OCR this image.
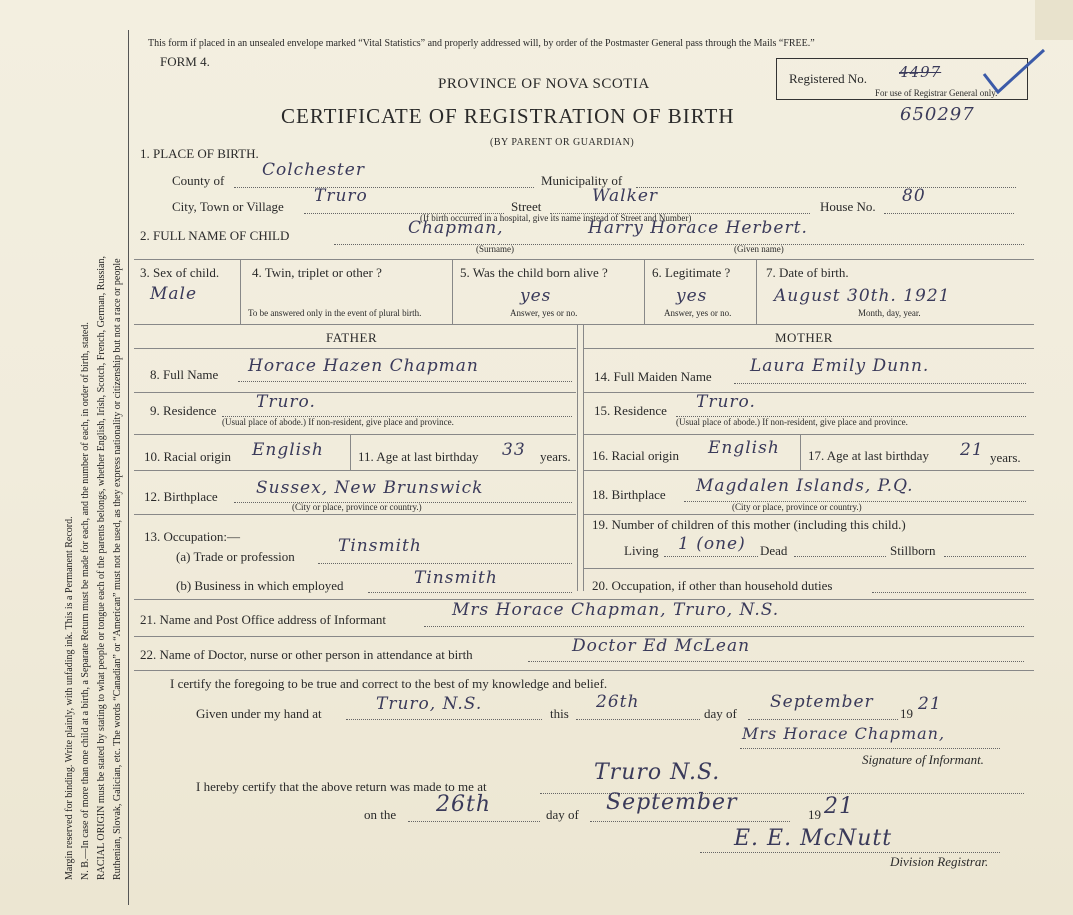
Margin reserved for binding. Write plainly, with unfading ink. This is a Permanent Record. N. B.—In case of more than one child at a birth, a Separate Return must be made for each, and the number of each, in order of birth, stated. RACIAL ORIGIN must be stated by stating to what people or tongue each of the parents belongs, whether English, Irish, Scotch, French, German, Russian, Ruthenian, Slovak, Galician, etc. The words “Canadian” or “American” must not be used, as they express nationality or citizenship but not a race or people
This form if placed in an unsealed envelope marked “Vital Statistics” and properly addressed will, by order of the Postmaster General pass through the Mails “FREE.”
FORM 4.
PROVINCE OF NOVA SCOTIA
CERTIFICATE OF REGISTRATION OF BIRTH
(BY PARENT OR GUARDIAN)
Registered No. 4497
For use of Registrar General only.
650297
1. PLACE OF BIRTH.
County of
Colchester
Municipality of
City, Town or Village
Truro
Street
Walker
House No.
80
(If birth occurred in a hospital, give its name instead of Street and Number)
2. FULL NAME OF CHILD	Chapman,	Harry Horace Herbert.
(Surname)	(Given name)
3. Sex of child.
Male
4. Twin, triplet or other ?
To be answered only in the event of plural birth.
5. Was the child born alive ?
yes
Answer, yes or no.
6. Legitimate ?
yes
Answer, yes or no.
7. Date of birth.
August 30th. 1921
Month, day, year.
FATHER	MOTHER
8. Full Name Horace Hazen Chapman
9. Residence Truro.
(Usual place of abode.) If non-resident, give place and province.
10. Racial origin English	11. Age at last birthday 33 years.
12. Birthplace Sussex, New Brunswick
(City or place, province or country.)
13. Occupation:—
(a) Trade or profession
Tinsmith
(b) Business in which employed	Tinsmith
14. Full Maiden Name
Laura Emily Dunn.
15. Residence Truro.
(Usual place of abode.) If non-resident, give place and province.
16. Racial origin English 17. Age at last birthday 21 years.
18. Birthplace Magdalen Islands, P.Q.
(City or place, province or country.)
19. Number of children of this mother (including this child.)
Living 1 (one) Dead	Stillborn
20. Occupation, if other than household duties
21. Name and Post Office address of Informant	Mrs Horace Chapman, Truro, N.S.
22. Name of Doctor, nurse or other person in attendance at birth	Doctor Ed McLean
I certify the foregoing to be true and correct to the best of my knowledge and belief.
Given under my hand at	Truro, N.S.	this
26th
day of
September
19 21
Mrs Horace Chapman,
Signature of Informant.
I hereby certify that the above return was made to me at
Truro N.S.
on the 26th	day of September	19 21
E. E. McNutt
Division Registrar.
